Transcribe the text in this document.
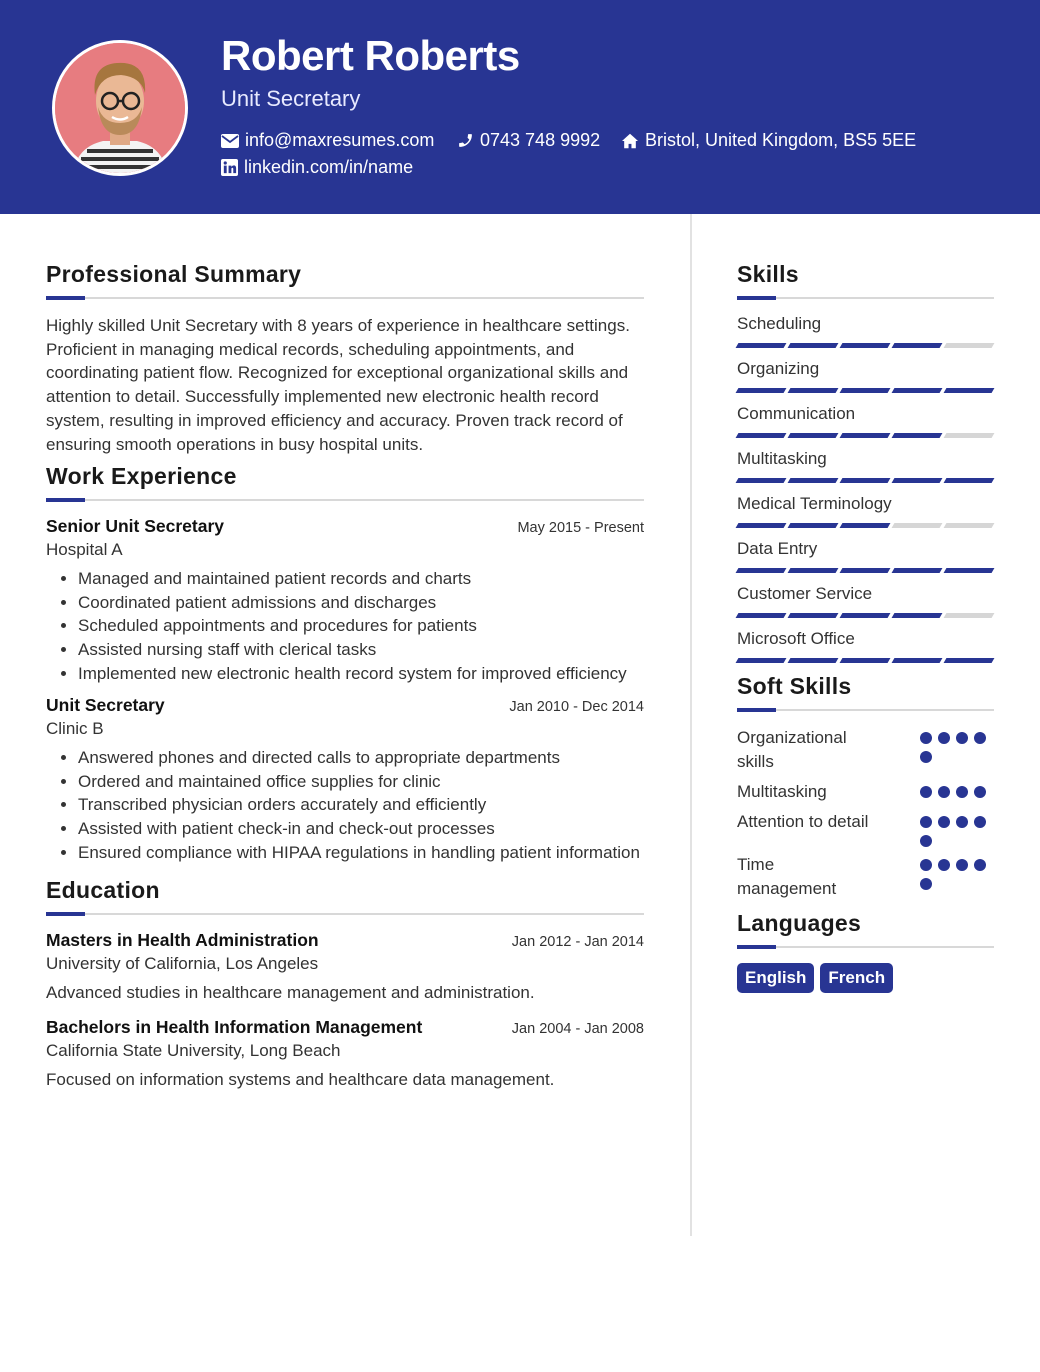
Robert Roberts
Unit Secretary
info@maxresumes.com	0743 748 9992 Bristol, United Kingdom, BS5 5EE
linkedin.com/in/name
Professional Summary

Highly skilled Unit Secretary with 8 years of experience in healthcare settings. Proficient in managing medical records, scheduling appointments, and coordinating patient flow. Recognized for exceptional organizational skills and attention to detail. Successfully implemented new electronic health record system, resulting in improved efficiency and accuracy. Proven track record of ensuring smooth operations in busy hospital units.

Work Experience
Senior Unit Secretary	May 2015 - Present
Hospital A
• Managed and maintained patient records and charts
• Coordinated patient admissions and discharges
• Scheduled appointments and procedures for patients
• Assisted nursing staff with clerical tasks
• Implemented new electronic health record system for improved efficiency
Unit Secretary	Jan 2010 - Dec 2014
Clinic B
• Answered phones and directed calls to appropriate departments
• Ordered and maintained office supplies for clinic
• Transcribed physician orders accurately and efficiently
• Assisted with patient check-in and check-out processes
• Ensured compliance with HIPAA regulations in handling patient information
Education
Masters in Health Administration	Jan 2012 - Jan 2014
University of California, Los Angeles
Advanced studies in healthcare management and administration.
Bachelors in Health Information Management	Jan 2004 - Jan 2008
California State University, Long Beach
Focused on information systems and healthcare data management.
Skills
Scheduling
Organizing
Communication
Multitasking
Medical Terminology
Data Entry
Customer Service
Microsoft Office
Soft Skills
Organizational skills
Multitasking
Attention to detail
Time management
Languages
English	French
